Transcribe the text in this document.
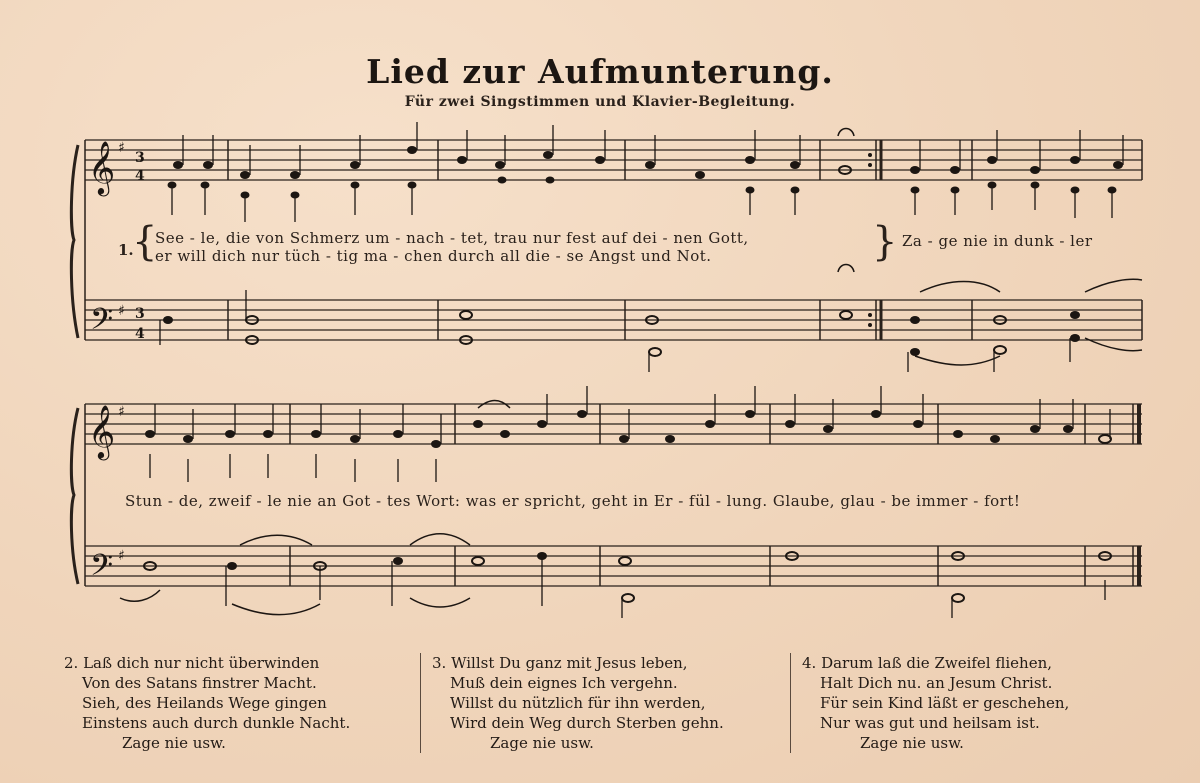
Lied zur Aufmunterung.
Für zwei Singstimmen und Klavier-Begleitung.
𝄞
𝄢
𝄞
𝄢
♯
3
4
♯ 3
4
♯
♯
1.
{
See - le, die von Schmerz um - nach - tet, trau nur fest auf dei - nen Gott,
er will dich nur tüch - tig ma - chen durch all die - se Angst und Not.	} Za - ge nie in dunk - ler
Stun - de, zweif - le nie an Got - tes Wort: was er spricht, geht in Er - fül - lung. Glaube, glau - be immer - fort!
2. Laß dich nur nicht überwinden
Von des Satans finstrer Macht.
Sieh, des Heilands Wege gingen
Einstens auch durch dunkle Nacht.
Zage nie usw.
3. Willst Du ganz mit Jesus leben,
Muß dein eignes Ich vergehn.
Willst du nützlich für ihn werden,
Wird dein Weg durch Sterben gehn.
Zage nie usw.
4. Darum laß die Zweifel fliehen,
Halt Dich nu. an Jesum Christ.
Für sein Kind läßt er geschehen,
Nur was gut und heilsam ist.
Zage nie usw.
